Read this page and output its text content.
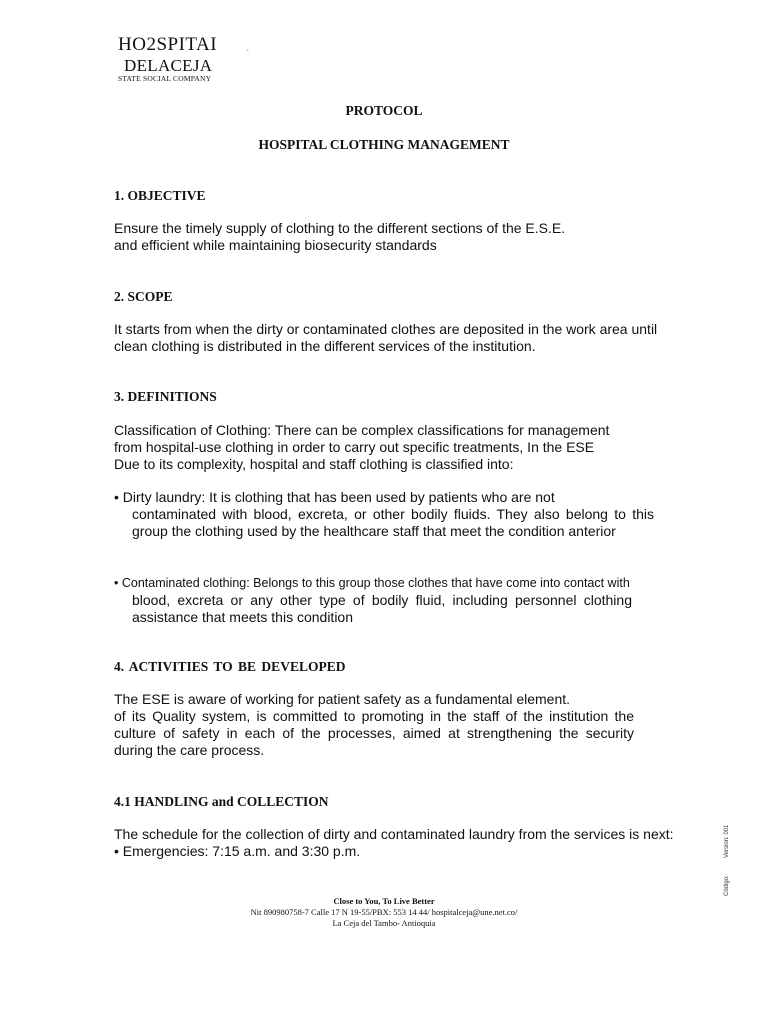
HO2SPITAI
DELACEJA
STATE SOCIAL COMPANY
˴
PROTOCOL
HOSPITAL CLOTHING MANAGEMENT
1. OBJECTIVE

Ensure the timely supply of clothing to the different sections of the E.S.E.

and efficient while maintaining biosecurity standards

2. SCOPE

It starts from when the dirty or contaminated clothes are deposited in the work area until

clean clothing is distributed in the different services of the institution.

3. DEFINITIONS

Classification of Clothing: There can be complex classifications for management

from hospital-use clothing in order to carry out specific treatments, In the ESE

Due to its complexity, hospital and staff clothing is classified into:

• Dirty laundry: It is clothing that has been used by patients who are not
contaminated with blood, excreta, or other bodily fluids. They also belong to this group the clothing used by the healthcare staff that meet the condition anterior
• Contaminated clothing: Belongs to this group those clothes that have come into contact with
blood, excreta or any other type of bodily fluid, including personnel clothing assistance that meets this condition
4. ACTIVITIES TO BE DEVELOPED

The ESE is aware of working for patient safety as a fundamental element.

of its Quality system, is committed to promoting in the staff of the institution the culture of safety in each of the processes, aimed at strengthening the security during the care process.

4.1 HANDLING and COLLECTION

The schedule for the collection of dirty and contaminated laundry from the services is next:

• Emergencies: 7:15 a.m. and 3:30 p.m.	Version: 001
Código:
Close to You, To Live Better
Nit 890980758-7 Calle 17 N 19-55/PBX: 553 14 44/ hospitalceja@une.net.co/
La Ceja del Tambo- Antioquia
